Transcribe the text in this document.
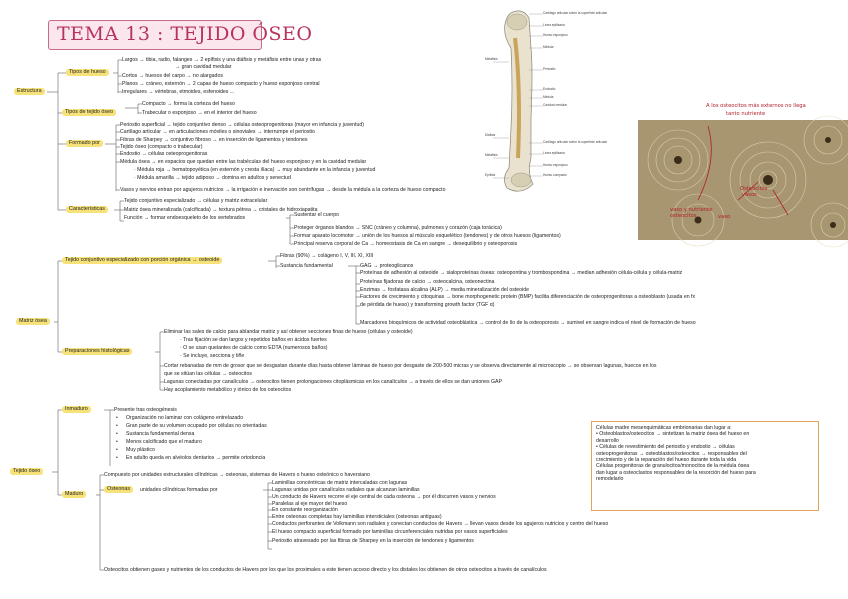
TEMA 13 : TEJIDO ÓSEO
Estructura
Tipos de hueso
Tipos de tejido óseo
Formado por
Características
Matriz ósea
Tejido conjuntivo especializado con porción orgánica → osteoide
Preparaciones histológicas
Tejido óseo
Inmaduro
Maduro
Osteonas
Largos → tibia, radio, falanges → 2 epífisis y una diáfisis y metáfisis entre unas y otras
→ gran cavidad medular
Cortos → huesos del carpo → no alargados
Planos → cráneo, esternón → 2 capas de hueso compacto y hueso esponjoso central
Irregulares → vértebras, etmoides, esfenoides ...
Compacto → forma la corteza del hueso
Trabecular o esponjoso → en el interior del hueso
Periostio superficial → tejido conjuntivo denso → células osteoprogenitoras (mayor en infancia y juventud)
Cartílago articular → en articulaciones móviles o sinoviales → interrumpe el periostio
Fibras de Sharpey → conjuntivo fibroso → en inserción de ligamentos y tendones
Tejido óseo (compacto o trabecular)
Endostio → células osteoprogenitoras
Médula ósea → en espacios que quedan entre las trabéculas del hueso esponjoso y en la cavidad medular
· Médula roja → hematopoyética (en esternón y cresta ilíaca) → muy abundante en la infancia y juventud
· Médula amarilla → tejido adiposo → domina en adultos y senectud
Vasos y nervios entran por agujeros nutricios → la irrigación e inervación son centrífugas → desde la médula a la corteza de hueso compacto
Tejido conjuntivo especializado → células y matriz extracelular
Matriz ósea mineralizada (calcificada) → textura pétrea → cristales de hidroxiapatita
Función → formar endoesqueleto de los vertebrados	Sustentar el cuerpo
Proteger órganos blandos → SNC (cráneo y columna), pulmones y corazón (caja torácica)
Formar aparato locomotor → unión de los huesos al músculo esquelético (tendones) y de otros huesos (ligamentos)
Principal reserva corporal de Ca → homeostasis de Ca en sangre → desequilibrio y osteoporosis
Fibras (90%) → colágeno I, V, III, XI, XIII
Sustancia fundamental	GAG → proteoglicanos
Proteínas de adhesión al osteoide → sialoproteínas óseas: osteopontina y trombospondina → median adhesión célula-célula y célula-matriz
Proteínas fijadoras de calcio → osteocalcina, osteonectina
Enzimas → fosfatasa alcalina (ALP) → media mineralización del osteoide
Factores de crecimiento y citoquinas → bone morphogenetic protein (BMP) facilita diferenciación de osteoprogenitoras a osteoblasto (usada en fx
de pérdida de hueso) y transforming growth factor (TGF α)
Marcadores bioquímicos de actividad osteoblástica → control de lío de la osteoporosis → sumivel en sangre indica el nivel de formación de hueso
Eliminar las sales de calcio para ablandar matriz y así obtener secciones finas de hueso (células y osteoide)
· Tras fijación se dan largos y repetidos baños en ácidos fuertes
· O se usan quelantes de calcio como EDTA (numerosos baños)
· Se incluye, secciona y tiñe
Cortar rebanadas de mm de grosor que se desgastan durante días hasta obtener láminas de hueso por desgaste de 200-500 micras y se observa directamente al microscopio → se observan lagunas, huecos en los
que se sitúan las células → osteocitos
Lagunas conectadas por canalículos → osteocitos tienen prolongaciones citoplásmicas en los canalículos → a través de ellos se dan uniones GAP
Hay acoplamiento metabólico y iónico de los osteocitos
Presente tras osteogénesis
• Organización no laminar con colágeno entrelazado
• Gran parte de su volumen ocupado por células no orientadas
• Sustancia fundamental densa
• Menos calcificado que el maduro
• Muy plástico
• En adulto queda en alvéolos dentarios → permite ortodoncia
Compuesto por unidades estructurales cilíndricas → osteonas, sistemas de Havers o hueso osteónico o haversiano
unidades cilíndricas formadas por
Laminillas concéntricas de matriz intercaladas con lagunas
Lagunas unidas por canalículos radiales que alcanzan laminillas
Un conducto de Havers recorre el eje central de cada osteona → por él discurren vasos y nervios
Paralelas al eje mayor del hueso
En constante reorganización
Entre osteonas completas hay laminillas intersticiales (osteonas antiguas)
Conductos perforantes de Volkmann son radiales y conectan conductos de Havers → llevan vasos desde los agujeros nutricios y centro del hueso
El hueso compacto superficial formado por laminillas circunferenciales nutridas por vasos superficiales
Periostio atravesado por las fibras de Sharpey en la inserción de tendones y ligamentos
Osteocitos obtienen gases y nutrientes de los conductos de Havers por los que los proximales a este tienen acceso directo y los distales los obtienen de otros osteocitos a través de canalículos
Cartílago articular sobre la superficie articular
Línea epifisaria
Hueso esponjoso
Médula
Periostio
Endostio
Médula
Cartílago articular sobre la superficie articular
Línea epifisaria
Hueso esponjoso
Hueso compacto
Cavidad medular
Metáfisis
Diáfisis
Metáfisis
Epífisis
A los osteocitos más externos no llega
tanto nutriente
vaso y nutriente
osteocitos
Osteocitos
vasos
vaso
Células madre mesenquimáticas embrionarias dan lugar a:
• Osteoblastos/osteocitos → sintetizan la matriz ósea del hueso en
desarrollo
• Células de revestimiento del periostio y endostio → células
osteoprogenitoras → osteoblastos/osteocitos → responsables del
crecimiento y de la reparación del hueso durante toda la vida
Células progenitoras de granulocitos/monocitos de la médula ósea
dan lugar a osteoclastos responsables de la resorción del hueso para
remodelarlo
